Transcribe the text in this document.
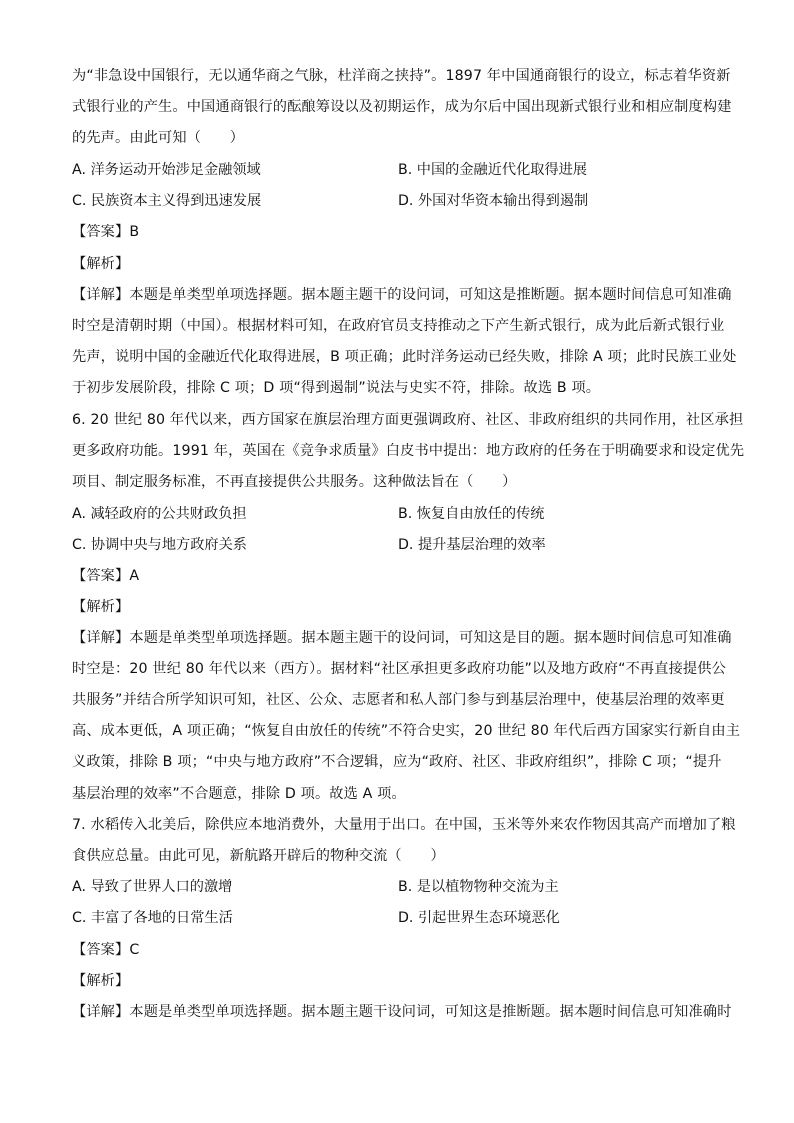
为“非急设中国银行，无以通华商之气脉，杜洋商之挟持”。1897 年中国通商银行的设立，标志着华资新
式银行业的产生。中国通商银行的酝酿筹设以及初期运作，成为尔后中国出现新式银行业和相应制度构建
的先声。由此可知（　　）
A. 洋务运动开始涉足金融领域	B. 中国的金融近代化取得进展
C. 民族资本主义得到迅速发展	D. 外国对华资本输出得到遏制
【答案】B
【解析】
【详解】本题是单类型单项选择题。据本题主题干的设问词，可知这是推断题。据本题时间信息可知准确
时空是清朝时期（中国）。根据材料可知，在政府官员支持推动之下产生新式银行，成为此后新式银行业
先声，说明中国的金融近代化取得进展，B 项正确；此时洋务运动已经失败，排除 A 项；此时民族工业处
于初步发展阶段，排除 C 项；D 项“得到遏制”说法与史实不符，排除。故选 B 项。
6. 20 世纪 80 年代以来，西方国家在旗层治理方面更强调政府、社区、非政府组织的共同作用，社区承担
更多政府功能。1991 年，英国在《竞争求质量》白皮书中提出：地方政府的任务在于明确要求和设定优先
项目、制定服务标准，不再直接提供公共服务。这种做法旨在（　　）
A. 减轻政府的公共财政负担	B. 恢复自由放任的传统
C. 协调中央与地方政府关系	D. 提升基层治理的效率
【答案】A
【解析】
【详解】本题是单类型单项选择题。据本题主题干的设问词，可知这是目的题。据本题时间信息可知准确
时空是：20 世纪 80 年代以来（西方）。据材料“社区承担更多政府功能”以及地方政府“不再直接提供公
共服务”并结合所学知识可知，社区、公众、志愿者和私人部门参与到基层治理中，使基层治理的效率更
高、成本更低，A 项正确；“恢复自由放任的传统”不符合史实，20 世纪 80 年代后西方国家实行新自由主
义政策，排除 B 项；“中央与地方政府”不合逻辑，应为“政府、社区、非政府组织”，排除 C 项；“提升
基层治理的效率”不合题意，排除 D 项。故选 A 项。
7. 水稻传入北美后，除供应本地消费外，大量用于出口。在中国，玉米等外来农作物因其高产而增加了粮
食供应总量。由此可见，新航路开辟后的物种交流（　　）
A. 导致了世界人口的激增	B. 是以植物物种交流为主
C. 丰富了各地的日常生活	D. 引起世界生态环境恶化
【答案】C
【解析】
【详解】本题是单类型单项选择题。据本题主题干设问词，可知这是推断题。据本题时间信息可知准确时
